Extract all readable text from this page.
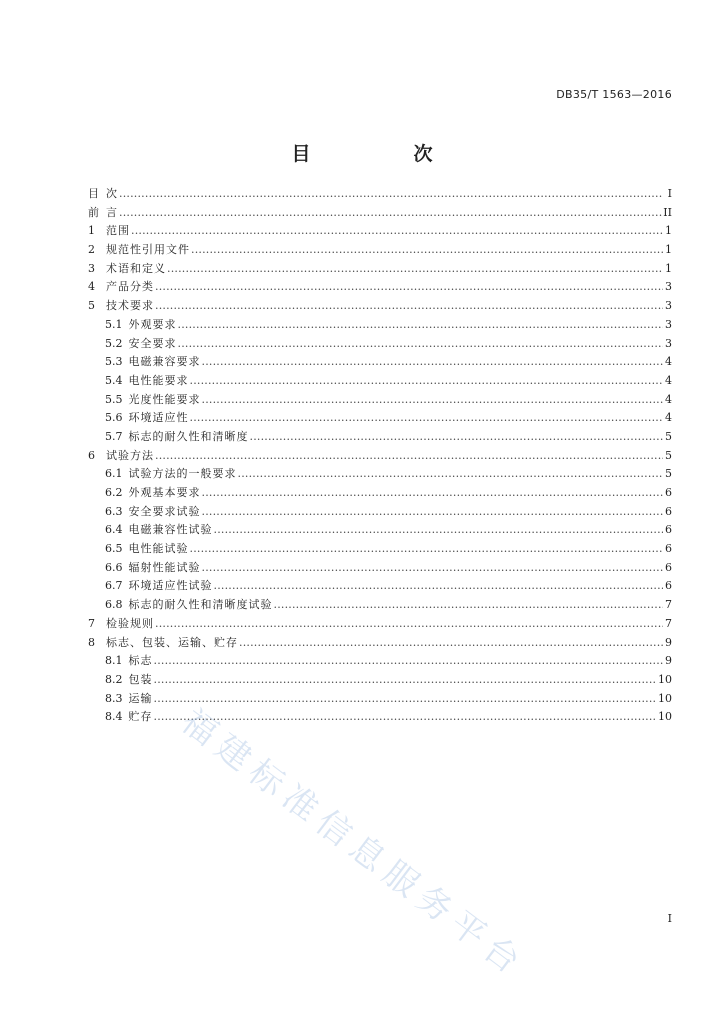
DB35/T 1563—2016
目　次
目 次 .....	I
前 言 .....	II
1	范围 .....	1
2	规范性引用文件 .....	1
3	术语和定义 .....	1
4	产品分类 .....	3
5	技术要求 .....	3
5.1 外观要求 .....	3
5.2 安全要求 .....	3
5.3 电磁兼容要求 .....	4
5.4 电性能要求 .....	4
5.5 光度性能要求 .....	4
5.6 环境适应性 .....	4
5.7 标志的耐久性和清晰度 .....	5
6	试验方法 .....	5
6.1 试验方法的一般要求 .....	5
6.2 外观基本要求 .....	6
6.3 安全要求试验 .....	6
6.4 电磁兼容性试验 .....	6
6.5 电性能试验 .....	6
6.6 辐射性能试验 .....	6
6.7 环境适应性试验 .....	6
6.8 标志的耐久性和清晰度试验 .....	7
7	检验规则 .....	7
8	标志、包装、运输、贮存 .....	9
8.1 标志 .....	9
8.2 包装 .....	10
8.3 运输 .....	10
8.4 贮存 .....	10
福建标准信息服务平台	I
